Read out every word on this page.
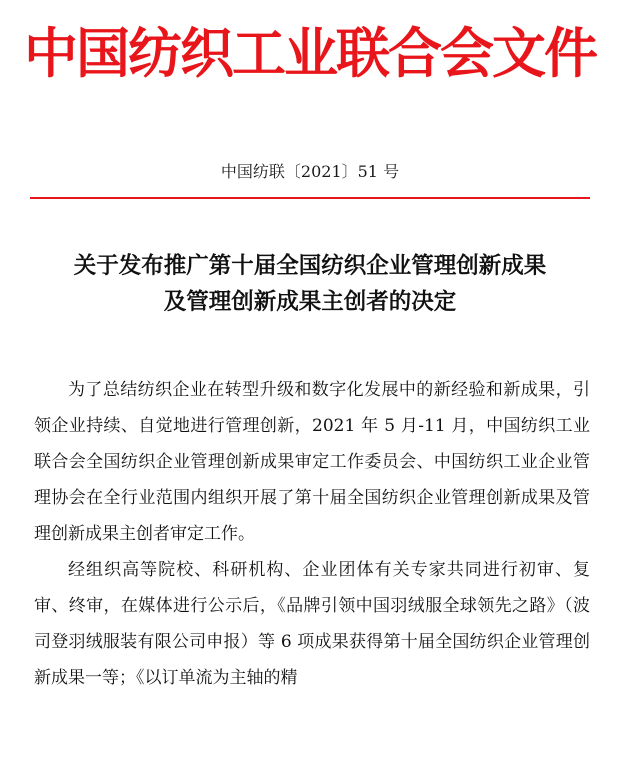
中国纺织工业联合会文件
中国纺联〔2021〕51 号
关于发布推广第十届全国纺织企业管理创新成果
及管理创新成果主创者的决定

为了总结纺织企业在转型升级和数字化发展中的新经验和新成果，引领企业持续、自觉地进行管理创新，2021 年 5 月-11 月，中国纺织工业联合会全国纺织企业管理创新成果审定工作委员会、中国纺织工业企业管理协会在全行业范围内组织开展了第十届全国纺织企业管理创新成果及管理创新成果主创者审定工作。

经组织高等院校、科研机构、企业团体有关专家共同进行初审、复审、终审，在媒体进行公示后，《品牌引领中国羽绒服全球领先之路》（波司登羽绒服装有限公司申报）等 6 项成果获得第十届全国纺织企业管理创新成果一等；《以订单流为主轴的精
